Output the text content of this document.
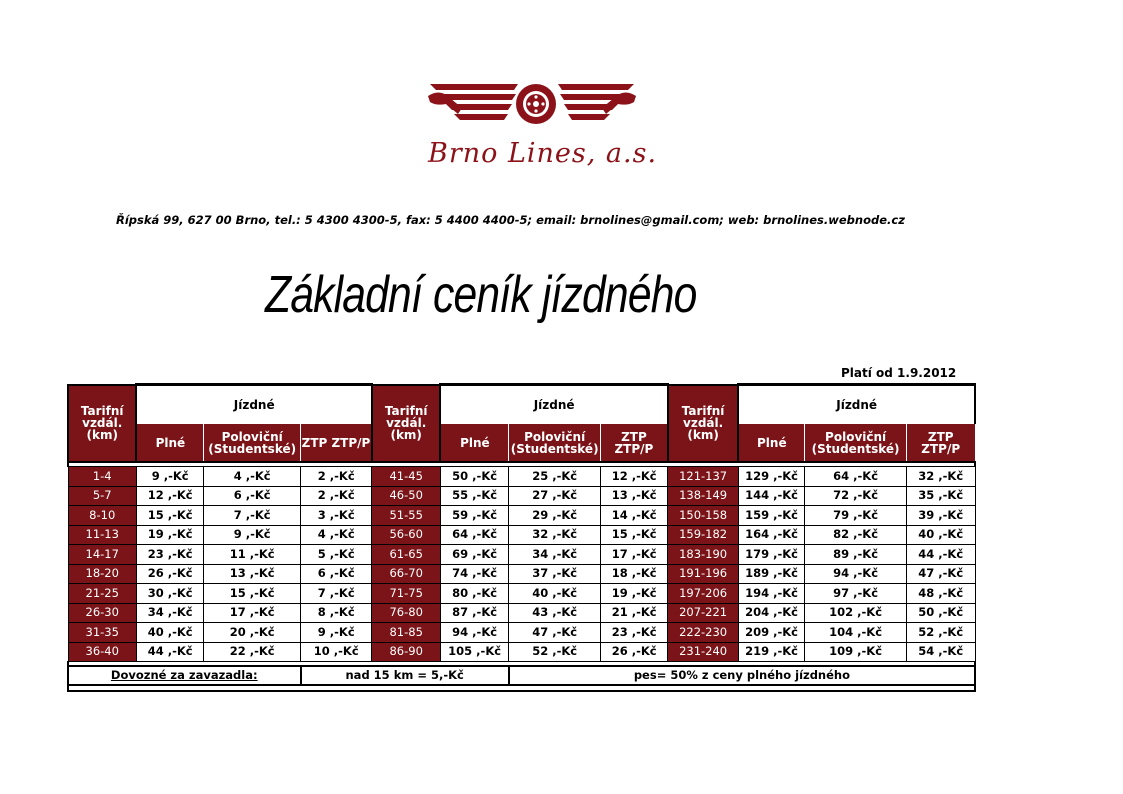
Brno Lines, a.s.
Řípská 99, 627 00 Brno, tel.: 5 4300 4300-5, fax: 5 4400 4400-5; email: brnolines@gmail.com; web: brnolines.webnode.cz
Základní ceník jízdného
Platí od 1.9.2012
Tarifní vzdál. (km)	Jízdné			Tarifní vzdál. (km)	Jízdné			Tarifní vzdál. (km)	Jízdné		
	Plné	Poloviční (Studentské)	ZTP ZTP/P		Plné	Poloviční (Studentské)	ZTP ZTP/P		Plné	Poloviční (Studentské)	ZTP ZTP/P

1-4	9 ,-Kč	4 ,-Kč	2 ,-Kč	41-45	50 ,-Kč	25 ,-Kč	12 ,-Kč	121-137	129 ,-Kč	64 ,-Kč	32 ,-Kč
5-7	12 ,-Kč	6 ,-Kč	2 ,-Kč	46-50	55 ,-Kč	27 ,-Kč	13 ,-Kč	138-149	144 ,-Kč	72 ,-Kč	35 ,-Kč
8-10	15 ,-Kč	7 ,-Kč	3 ,-Kč	51-55	59 ,-Kč	29 ,-Kč	14 ,-Kč	150-158	159 ,-Kč	79 ,-Kč	39 ,-Kč
11-13	19 ,-Kč	9 ,-Kč	4 ,-Kč	56-60	64 ,-Kč	32 ,-Kč	15 ,-Kč	159-182	164 ,-Kč	82 ,-Kč	40 ,-Kč
14-17	23 ,-Kč	11 ,-Kč	5 ,-Kč	61-65	69 ,-Kč	34 ,-Kč	17 ,-Kč	183-190	179 ,-Kč	89 ,-Kč	44 ,-Kč
18-20	26 ,-Kč	13 ,-Kč	6 ,-Kč	66-70	74 ,-Kč	37 ,-Kč	18 ,-Kč	191-196	189 ,-Kč	94 ,-Kč	47 ,-Kč
21-25	30 ,-Kč	15 ,-Kč	7 ,-Kč	71-75	80 ,-Kč	40 ,-Kč	19 ,-Kč	197-206	194 ,-Kč	97 ,-Kč	48 ,-Kč
26-30	34 ,-Kč	17 ,-Kč	8 ,-Kč	76-80	87 ,-Kč	43 ,-Kč	21 ,-Kč	207-221	204 ,-Kč	102 ,-Kč	50 ,-Kč
31-35	40 ,-Kč	20 ,-Kč	9 ,-Kč	81-85	94 ,-Kč	47 ,-Kč	23 ,-Kč	222-230	209 ,-Kč	104 ,-Kč	52 ,-Kč
36-40	44 ,-Kč	22 ,-Kč	10 ,-Kč	86-90	105 ,-Kč	52 ,-Kč	26 ,-Kč	231-240	219 ,-Kč	109 ,-Kč	54 ,-Kč

Dovozné za zavazadla:			nad 15 km = 5,-Kč			pes= 50% z ceny plného jízdného					
